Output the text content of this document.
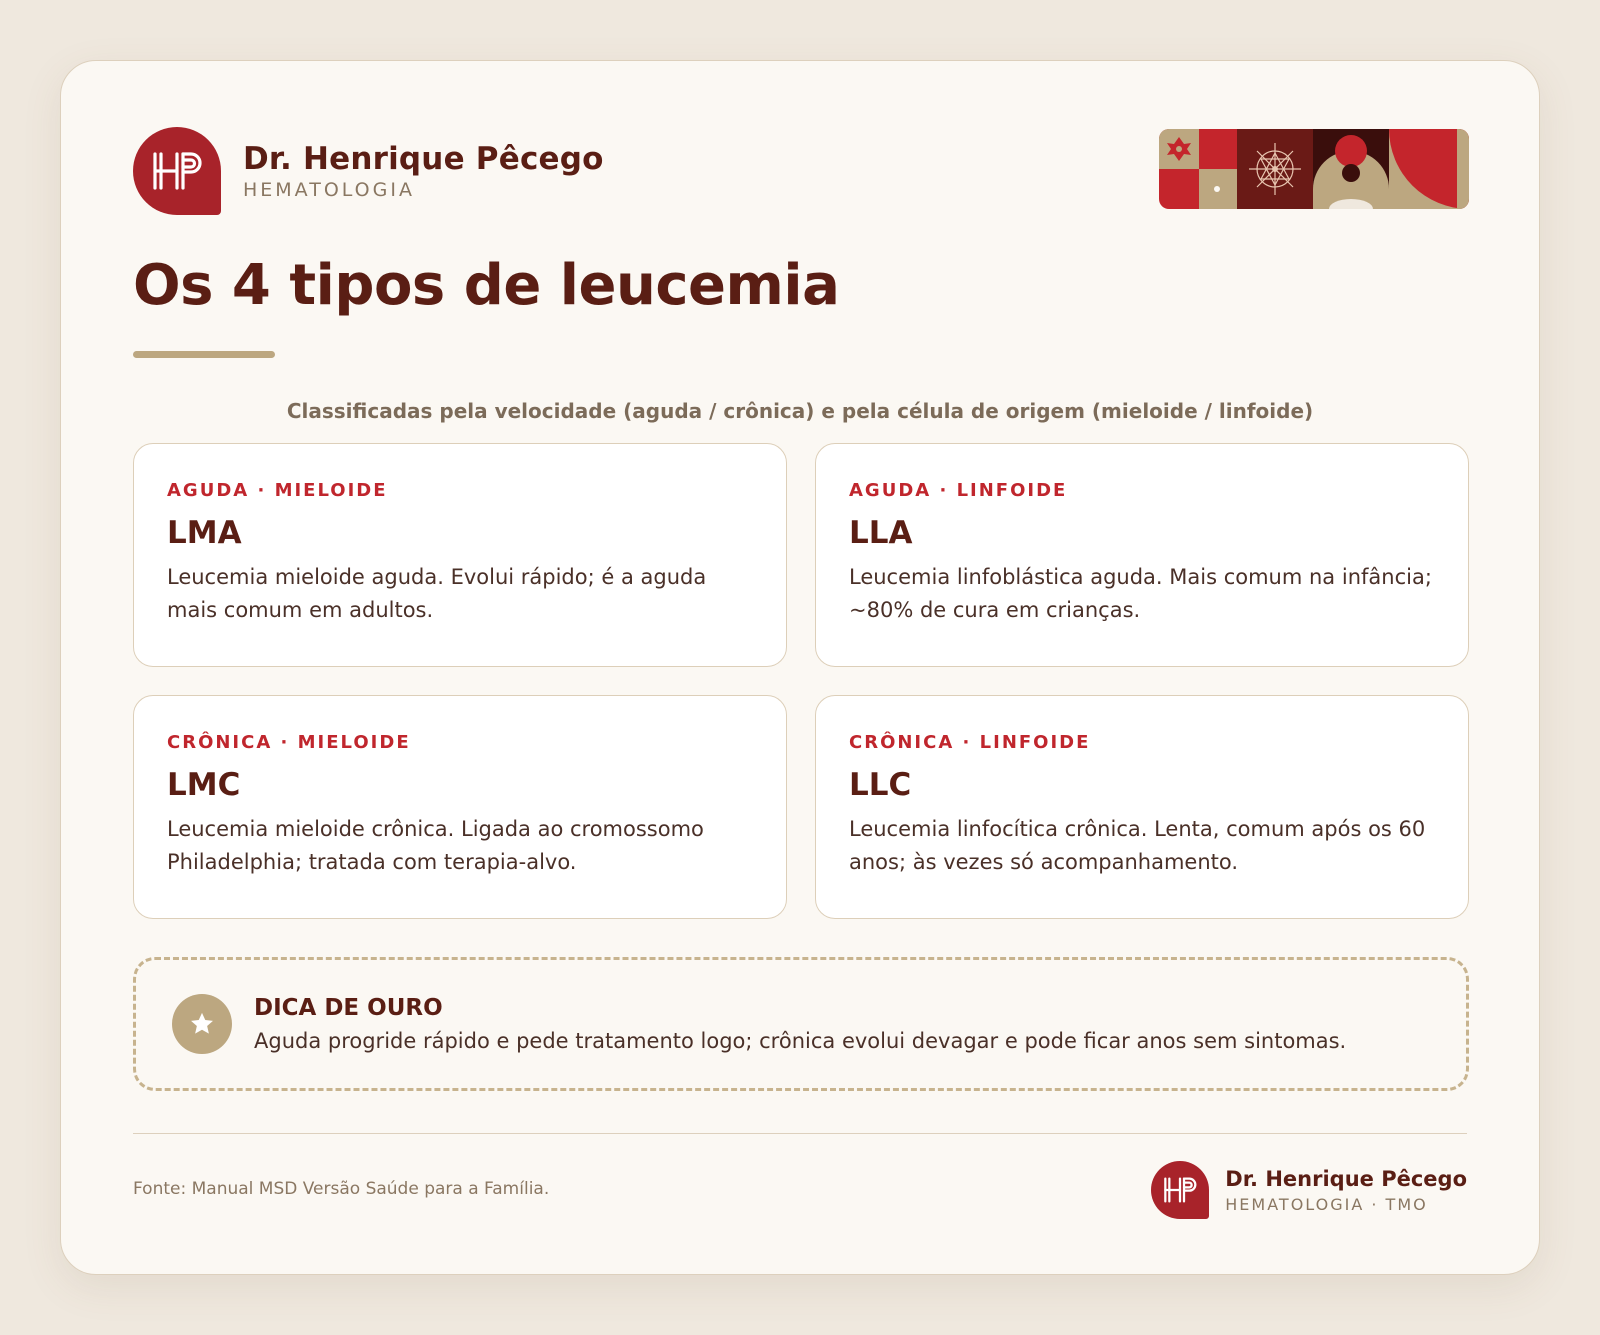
Dr. Henrique Pêcego
HEMATOLOGIA
Os 4 tipos de leucemia
Classificadas pela velocidade (aguda / crônica) e pela célula de origem (mieloide / linfoide)
AGUDA · MIELOIDE
LMA
Leucemia mieloide aguda. Evolui rápido; é a aguda mais comum em adultos.
AGUDA · LINFOIDE
LLA
Leucemia linfoblástica aguda. Mais comum na infância; ~80% de cura em crianças.
CRÔNICA · MIELOIDE
LMC
Leucemia mieloide crônica. Ligada ao cromossomo Philadelphia; tratada com terapia-alvo.
CRÔNICA · LINFOIDE
LLC
Leucemia linfocítica crônica. Lenta, comum após os 60 anos; às vezes só acompanhamento.
DICA DE OURO
Aguda progride rápido e pede tratamento logo; crônica evolui devagar e pode ficar anos sem sintomas.
Fonte: Manual MSD Versão Saúde para a Família.	Dr. Henrique Pêcego
HEMATOLOGIA · TMO
